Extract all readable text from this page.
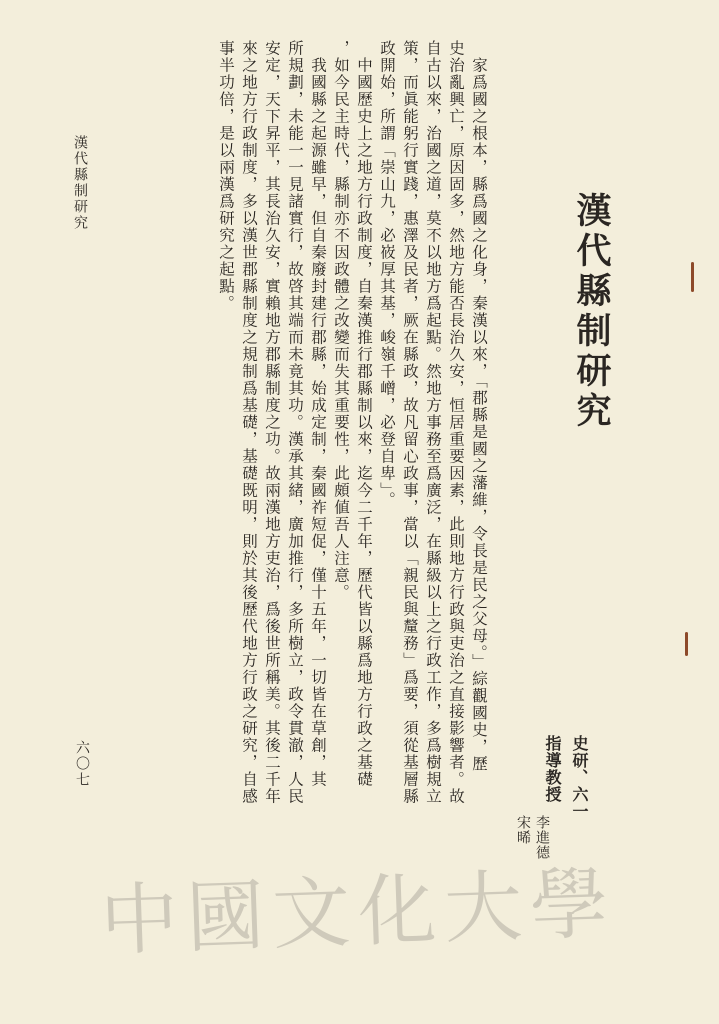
漢代縣制研究
史研、六一
指導教授
李進德
宋晞
　家爲國之根本，縣爲國之化身，秦漢以來，「郡縣是國之藩維，令長是民之父母。」綜觀國史，歷
史治亂興亡，原因固多，然地方能否長治久安，恒居重要因素，此則地方行政與吏治之直接影響者。故
自古以來，治國之道，莫不以地方爲起點。然地方事務至爲廣泛，在縣級以上之行政工作，多爲樹規立
策，而眞能躬行實踐，惠澤及民者，厥在縣政，故凡留心政事，當以「親民與釐務」爲要，須從基層縣
政開始，所謂「崇山九，必峳厚其基，峻嶺千嶒，必登自卑」。
　中國歷史上之地方行政制度，自秦漢推行郡縣制以來，迄今二千年，歷代皆以縣爲地方行政之基礎
，如今民主時代，縣制亦不因政體之改變而失其重要性，此頗値吾人注意。
　我國縣之起源雖早，但自秦廢封建行郡縣，始成定制，秦國祚短促，僅十五年，一切皆在草創，其
所規劃，未能一一見諸實行，故啓其端而未竟其功。漢承其緒，廣加推行，多所樹立，政令貫澈，人民
安定，天下昇平，其長治久安，實賴地方郡縣制度之功。故兩漢地方吏治，爲後世所稱美。其後二千年
來之地方行政制度，多以漢世郡縣制度之規制爲基礎，基礎既明，則於其後歷代地方行政之研究，自感
事半功倍，是以兩漢爲研究之起點。
漢代縣制研究
六〇七
中國文化大學
